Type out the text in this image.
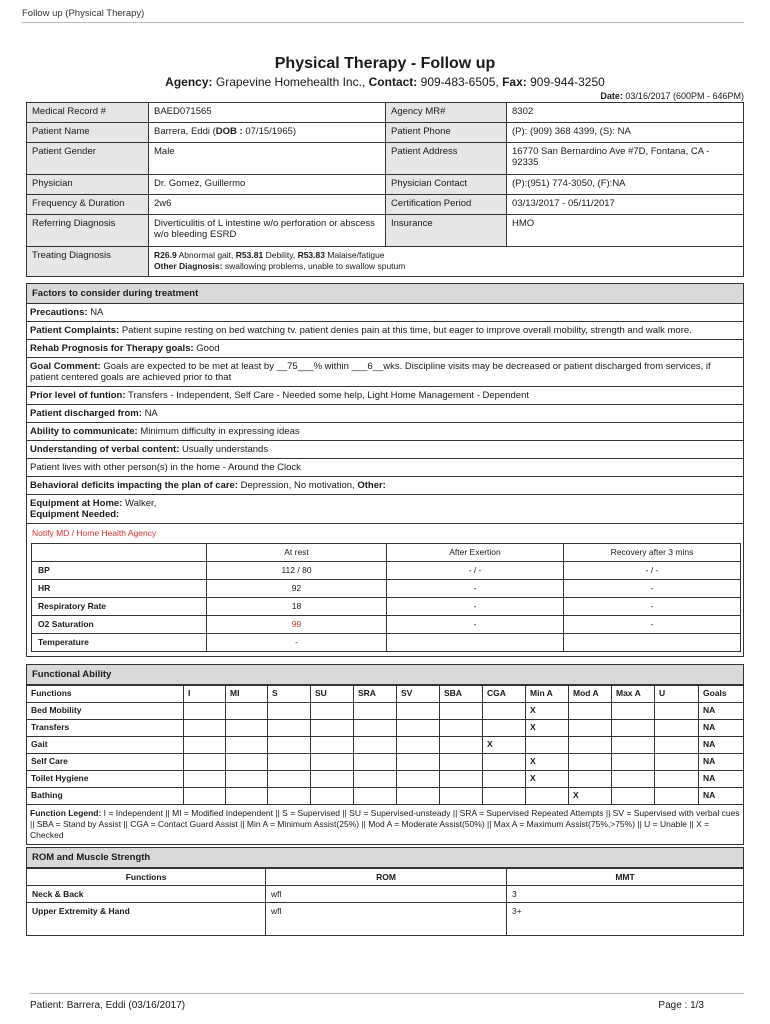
Follow up (Physical Therapy)
Physical Therapy - Follow up
Agency: Grapevine Homehealth Inc., Contact: 909-483-6505, Fax: 909-944-3250
Date: 03/16/2017 (600PM - 646PM)
Medical Record #	BAED071565	Agency MR#	8302
Patient Name	Barrera, Eddi (DOB : 07/15/1965)	Patient Phone	(P): (909) 368 4399, (S): NA
Patient Gender	Male	Patient Address	16770 San Bernardino Ave #7D, Fontana, CA - 92335
Physician	Dr. Gomez, Guillermo	Physician Contact	(P):(951) 774-3050, (F):NA
Frequency & Duration	2w6	Certification Period	03/13/2017 - 05/11/2017
Referring Diagnosis	Diverticulitis of L intestine w/o perforation or abscess w/o bleeding ESRD	Insurance	HMO
Treating Diagnosis	R26.9 Abnormal gait, R53.81 Debility, R53.83 Malaise/fatigue
Other Diagnosis: swallowing problems, unable to swallow sputum		
Factors to consider during treatment
Precautions: NA
Patient Complaints: Patient supine resting on bed watching tv. patient denies pain at this time, but eager to improve overall mobility, strength and walk more.
Rehab Prognosis for Therapy goals: Good
Goal Comment: Goals are expected to be met at least by __75___% within ___6__wks. Discipline visits may be decreased or patient discharged from services, if patient centered goals are achieved prior to that
Prior level of funtion: Transfers - Independent, Self Care - Needed some help, Light Home Management - Dependent
Patient discharged from: NA
Ability to communicate: Minimum difficulty in expressing ideas
Understanding of verbal content: Usually understands
Patient lives with other person(s) in the home - Around the Clock
Behavioral deficits impacting the plan of care: Depression, No motivation, Other:
Equipment at Home: Walker,
Equipment Needed:
Notify MD / Home Health Agency
	At rest	After Exertion	Recovery after 3 mins
BP	112 / 80	- / -	- / -
HR	92	-	-
Respiratory Rate	18	-	-
O2 Saturation	99	-	-
Temperature	-		
Functional Ability
Functions	I	MI	S	SU	SRA	SV	SBA	CGA	Min A	Mod A	Max A	U	Goals
Bed Mobility									X				NA
Transfers									X				NA
Gait								X					NA
Self Care									X				NA
Toilet Hygiene									X				NA
Bathing										X			NA
Function Legend: I = Independent || MI = Modified Independent || S = Supervised || SU = Supervised-unsteady || SRA = Supervised Repeated Attempts || SV = Supervised with verbal cues || SBA = Stand by Assist || CGA = Contact Guard Assist || Min A = Minimum Assist(25%) || Mod A = Moderate Assist(50%) || Max A = Maximum Assist(75%,>75%) || U = Unable || X = Checked
ROM and Muscle Strength
Functions	ROM	MMT
Neck & Back	wfl	3
Upper Extremity & Hand	wfl	3+
Patient: Barrera, Eddi (03/16/2017)	Page : 1/3
